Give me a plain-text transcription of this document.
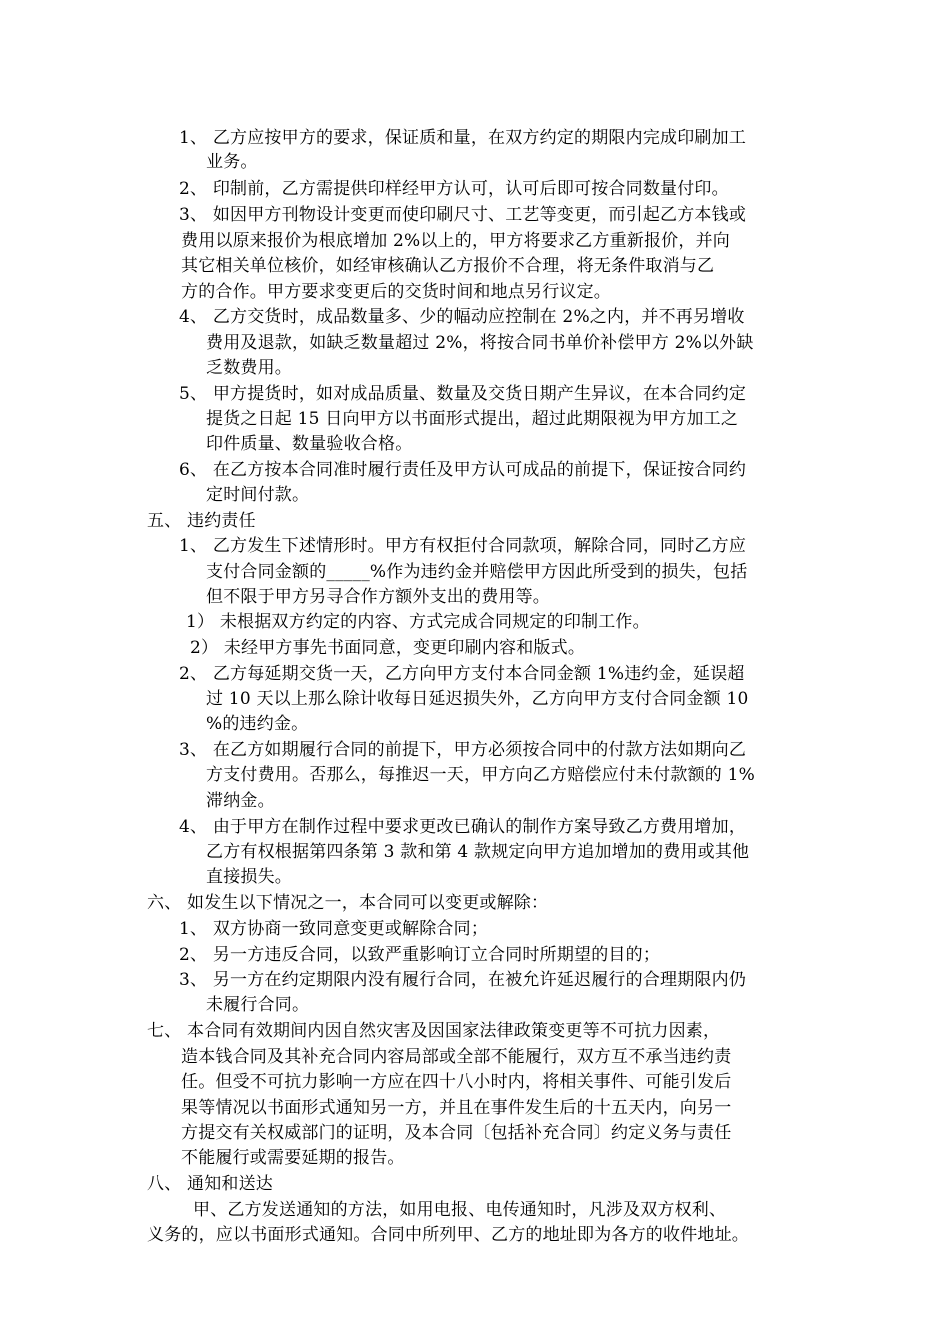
1、 乙方应按甲方的要求，保证质和量，在双方约定的期限内完成印刷加工
业务。
2、 印制前，乙方需提供印样经甲方认可，认可后即可按合同数量付印。
3、 如因甲方刊物设计变更而使印刷尺寸、工艺等变更，而引起乙方本钱或
费用以原来报价为根底增加 2%以上的，甲方将要求乙方重新报价，并向
其它相关单位核价，如经审核确认乙方报价不合理，将无条件取消与乙
方的合作。甲方要求变更后的交货时间和地点另行议定。
4、 乙方交货时，成品数量多、少的幅动应控制在 2%之内，并不再另增收
费用及退款，如缺乏数量超过 2%，将按合同书单价补偿甲方 2%以外缺
乏数费用。
5、 甲方提货时，如对成品质量、数量及交货日期产生异议，在本合同约定
提货之日起 15 日向甲方以书面形式提出，超过此期限视为甲方加工之
印件质量、数量验收合格。
6、 在乙方按本合同准时履行责任及甲方认可成品的前提下，保证按合同约
定时间付款。
五、 违约责任
1、 乙方发生下述情形时。甲方有权拒付合同款项，解除合同，同时乙方应
支付合同金额的_____%作为违约金并赔偿甲方因此所受到的损失，包括
但不限于甲方另寻合作方额外支出的费用等。
1） 未根据双方约定的内容、方式完成合同规定的印制工作。
2） 未经甲方事先书面同意，变更印刷内容和版式。
2、 乙方每延期交货一天，乙方向甲方支付本合同金额 1%违约金，延误超
过 10 天以上那么除计收每日延迟损失外，乙方向甲方支付合同金额 10
%的违约金。
3、 在乙方如期履行合同的前提下，甲方必须按合同中的付款方法如期向乙
方支付费用。否那么，每推迟一天，甲方向乙方赔偿应付未付款额的 1%
滞纳金。
4、 由于甲方在制作过程中要求更改已确认的制作方案导致乙方费用增加，
乙方有权根据第四条第 3 款和第 4 款规定向甲方追加增加的费用或其他
直接损失。
六、 如发生以下情况之一，本合同可以变更或解除：
1、 双方协商一致同意变更或解除合同；
2、 另一方违反合同，以致严重影响订立合同时所期望的目的；
3、 另一方在约定期限内没有履行合同，在被允许延迟履行的合理期限内仍
未履行合同。
七、 本合同有效期间内因自然灾害及因国家法律政策变更等不可抗力因素，
造本钱合同及其补充合同内容局部或全部不能履行，双方互不承当违约责
任。但受不可抗力影响一方应在四十八小时内，将相关事件、可能引发后
果等情况以书面形式通知另一方，并且在事件发生后的十五天内，向另一
方提交有关权威部门的证明，及本合同〔包括补充合同〕约定义务与责任
不能履行或需要延期的报告。
八、 通知和送达
甲、乙方发送通知的方法，如用电报、电传通知时，凡涉及双方权利、
义务的，应以书面形式通知。合同中所列甲、乙方的地址即为各方的收件地址。
